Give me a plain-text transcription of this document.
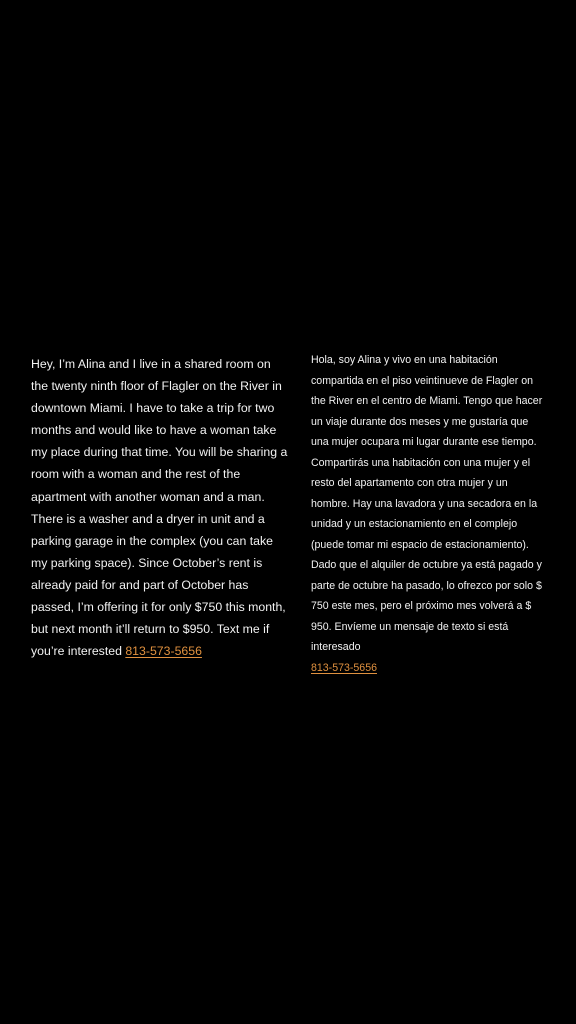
Hey, I’m Alina and I live in a shared room on the twenty ninth floor of Flagler on the River in downtown Miami. I have to take a trip for two months and would like to have a woman take my place during that time. You will be sharing a room with a woman and the rest of the apartment with another woman and a man. There is a washer and a dryer in unit and a parking garage in the complex (you can take my parking space). Since October’s rent is already paid for and part of October has passed, I’m offering it for only $750 this month, but next month it’ll return to $950. Text me if you’re interested 813-573-5656
Hola, soy Alina y vivo en una habitación compartida en el piso veintinueve de Flagler on the River en el centro de Miami. Tengo que hacer un viaje durante dos meses y me gustaría que una mujer ocupara mi lugar durante ese tiempo. Compartirás una habitación con una mujer y el resto del apartamento con otra mujer y un hombre. Hay una lavadora y una secadora en la unidad y un estacionamiento en el complejo (puede tomar mi espacio de estacionamiento). Dado que el alquiler de octubre ya está pagado y parte de octubre ha pasado, lo ofrezco por solo $ 750 este mes, pero el próximo mes volverá a $ 950. Envíeme un mensaje de texto si está interesado
813-573-5656
